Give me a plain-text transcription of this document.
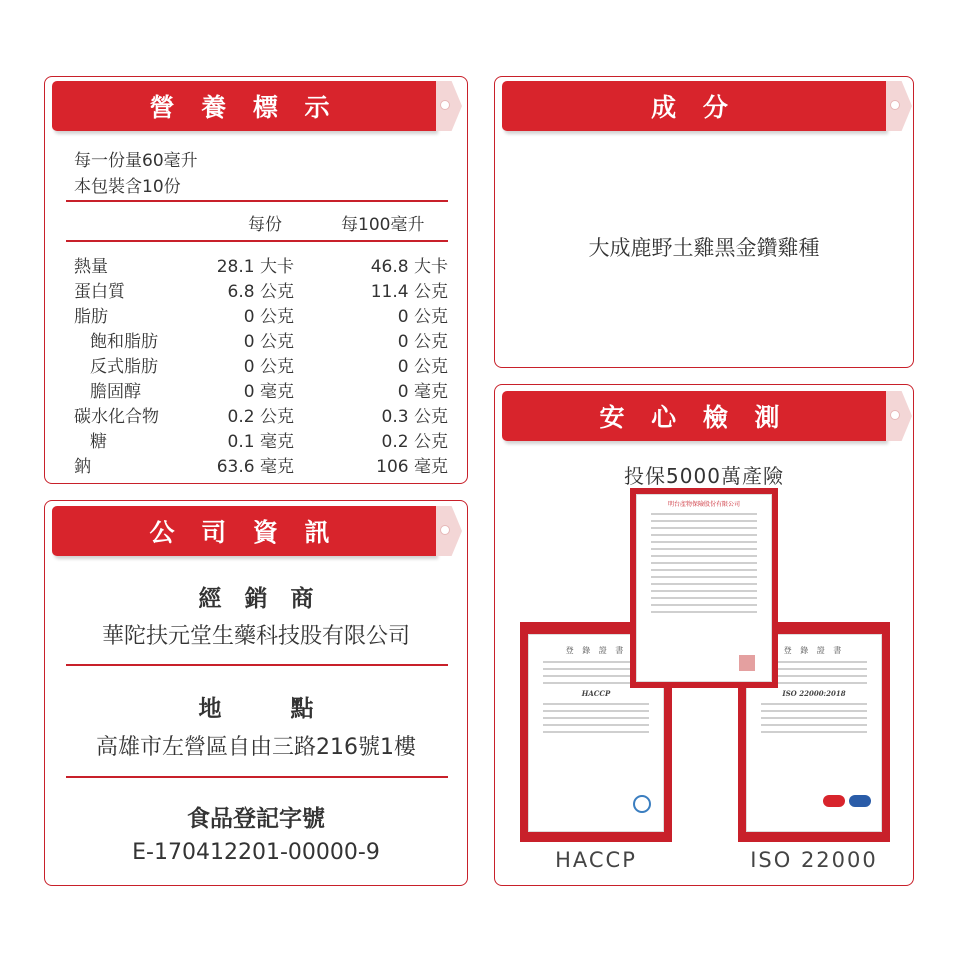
營 養 標 示
每一份量60毫升
本包裝含10份
每份	每100毫升
熱量	28.1 大卡	46.8 大卡
蛋白質	6.8 公克	11.4 公克
脂肪	0 公克	0 公克
飽和脂肪	0 公克	0 公克
反式脂肪	0 公克	0 公克
膽固醇	0 毫克	0 毫克
碳水化合物	0.2 公克	0.3 公克
糖	0.1 毫克	0.2 公克
鈉	63.6 毫克	106 毫克
公 司 資 訊
經　銷　商
華陀扶元堂生藥科技股有限公司
地　　　點
高雄市左營區自由三路216號1樓
食品登記字號
E-170412201-00000-9
成 分
大成鹿野土雞黑金鑽雞種
安 心 檢 測
投保5000萬產險
登 錄 證 書
HACCP
登 錄 證 書
ISO 22000:2018
明台產物保險股份有限公司
HACCP	ISO 22000
